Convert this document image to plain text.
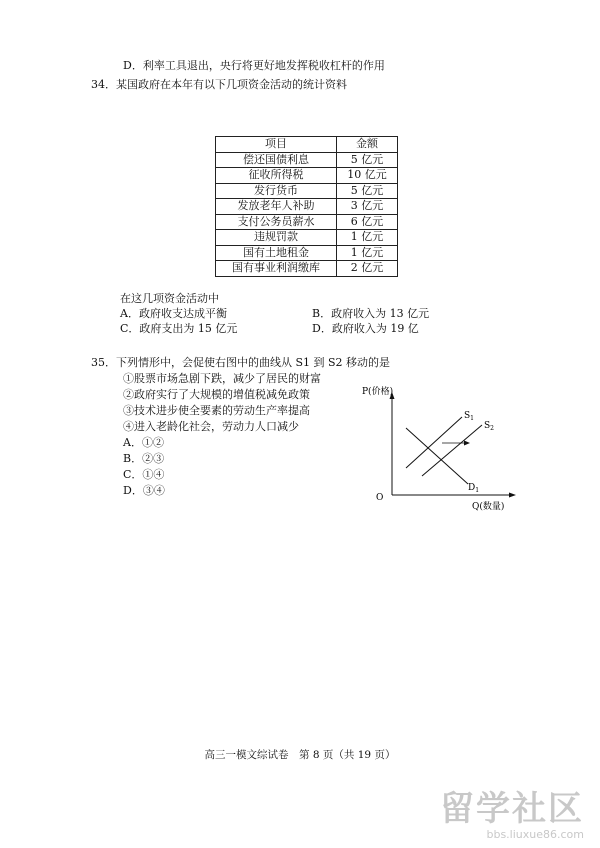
D．利率工具退出，央行将更好地发挥税收杠杆的作用
34．某国政府在本年有以下几项资金活动的统计资料
项目	金额
偿还国债利息	5 亿元
征收所得税	10 亿元
发行货币	5 亿元
发放老年人补助	3 亿元
支付公务员薪水	6 亿元
违规罚款	1 亿元
国有土地租金	1 亿元
国有事业利润缴库	2 亿元
在这几项资金活动中
A．政府收支达成平衡	B．政府收入为 13 亿元
C．政府支出为 15 亿元	D．政府收入为 19 亿
35．下列情形中，会促使右图中的曲线从 S1 到 S2 移动的是
①股票市场急剧下跌，减少了居民的财富
②政府实行了大规模的增值税减免政策
③技术进步使全要素的劳动生产率提高
④进入老龄化社会，劳动力人口减少
A．①②
B．②③
C．①④
D．③④
P(价格)
Q(数量)
O
$S_1$
$S_2$
$D_1$
高三一模文综试卷　第 8 页（共 19 页）
留学社区
bbs.liuxue86.com
